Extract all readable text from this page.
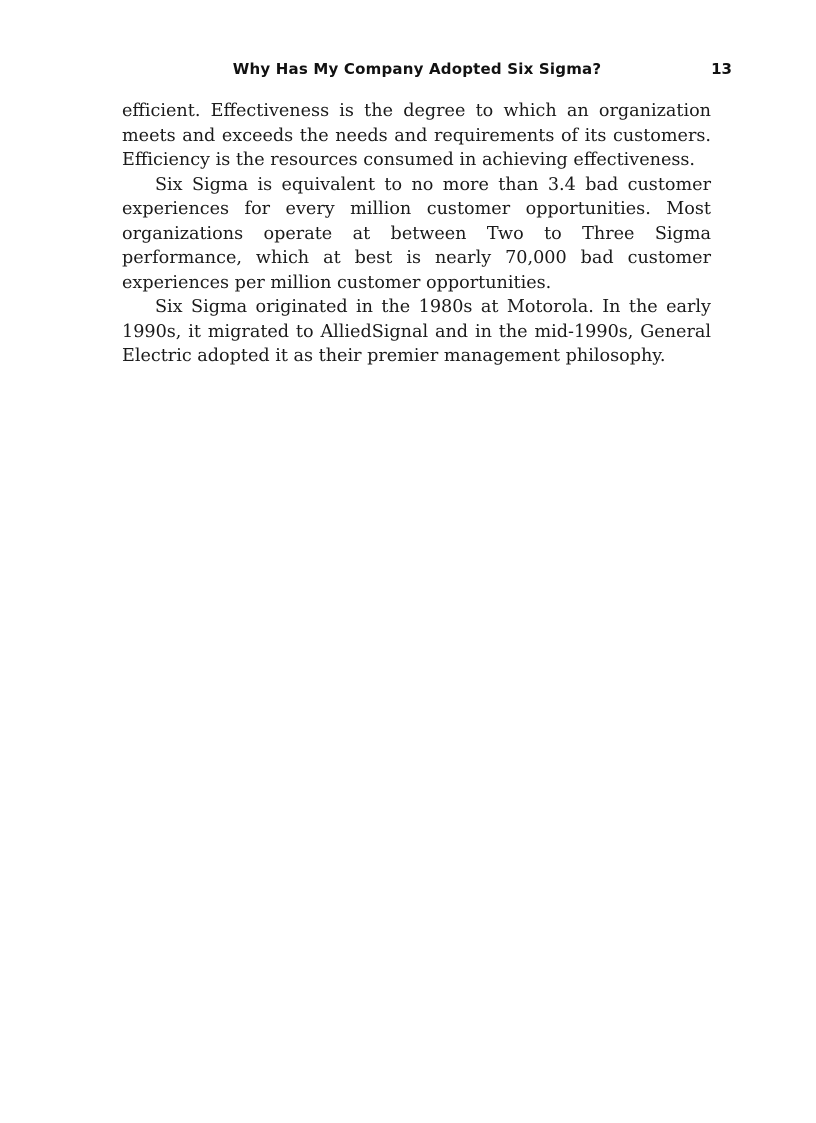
Why Has My Company Adopted Six Sigma?	13

efficient. Effectiveness is the degree to which an organization meets and exceeds the needs and requirements of its customers. Efficiency is the resources consumed in achieving effectiveness.

Six Sigma is equivalent to no more than 3.4 bad customer experiences for every million customer opportunities. Most organizations operate at between Two to Three Sigma performance, which at best is nearly 70,000 bad customer experiences per million customer opportunities.

Six Sigma originated in the 1980s at Motorola. In the early 1990s, it migrated to AlliedSignal and in the mid-1990s, General Electric adopted it as their premier management philosophy.
